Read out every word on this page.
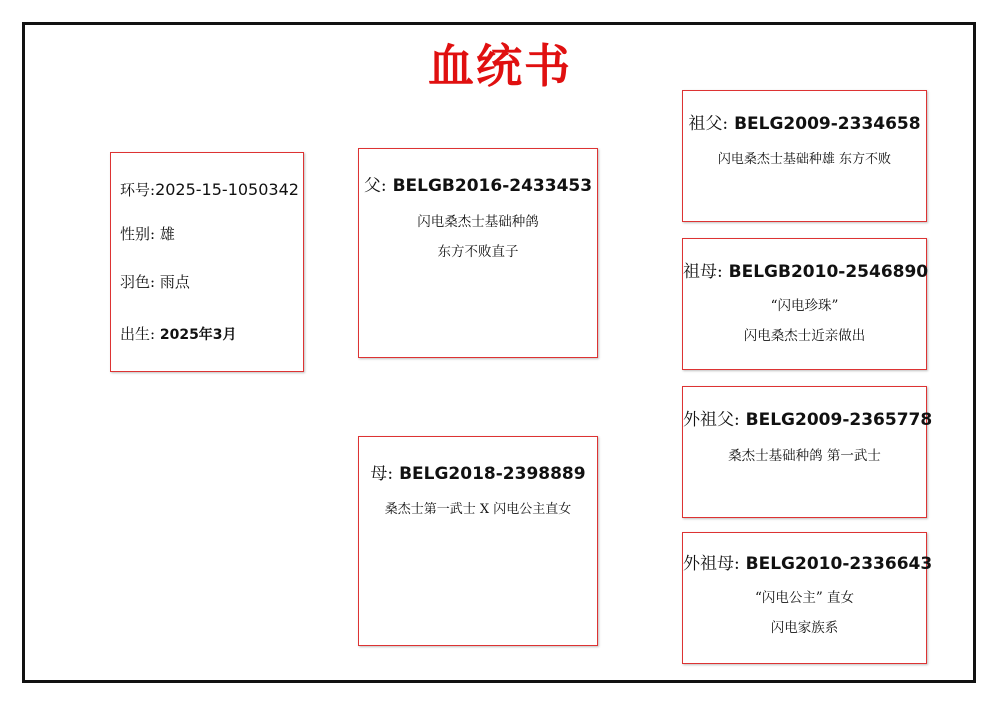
血统书
环号:2025-15-1050342
性别: 雄
羽色: 雨点
出生: 2025年3月
父: BELGB2016-2433453
闪电桑杰士基础种鸽
东方不败直子
母: BELG2018-2398889
桑杰士第一武士 X 闪电公主直女
祖父: BELG2009-2334658
闪电桑杰士基础种雄 东方不败
祖母: BELGB2010-2546890
“闪电珍珠”
闪电桑杰士近亲做出
外祖父: BELG2009-2365778
桑杰士基础种鸽 第一武士
外祖母: BELG2010-2336643
“闪电公主” 直女
闪电家族系
